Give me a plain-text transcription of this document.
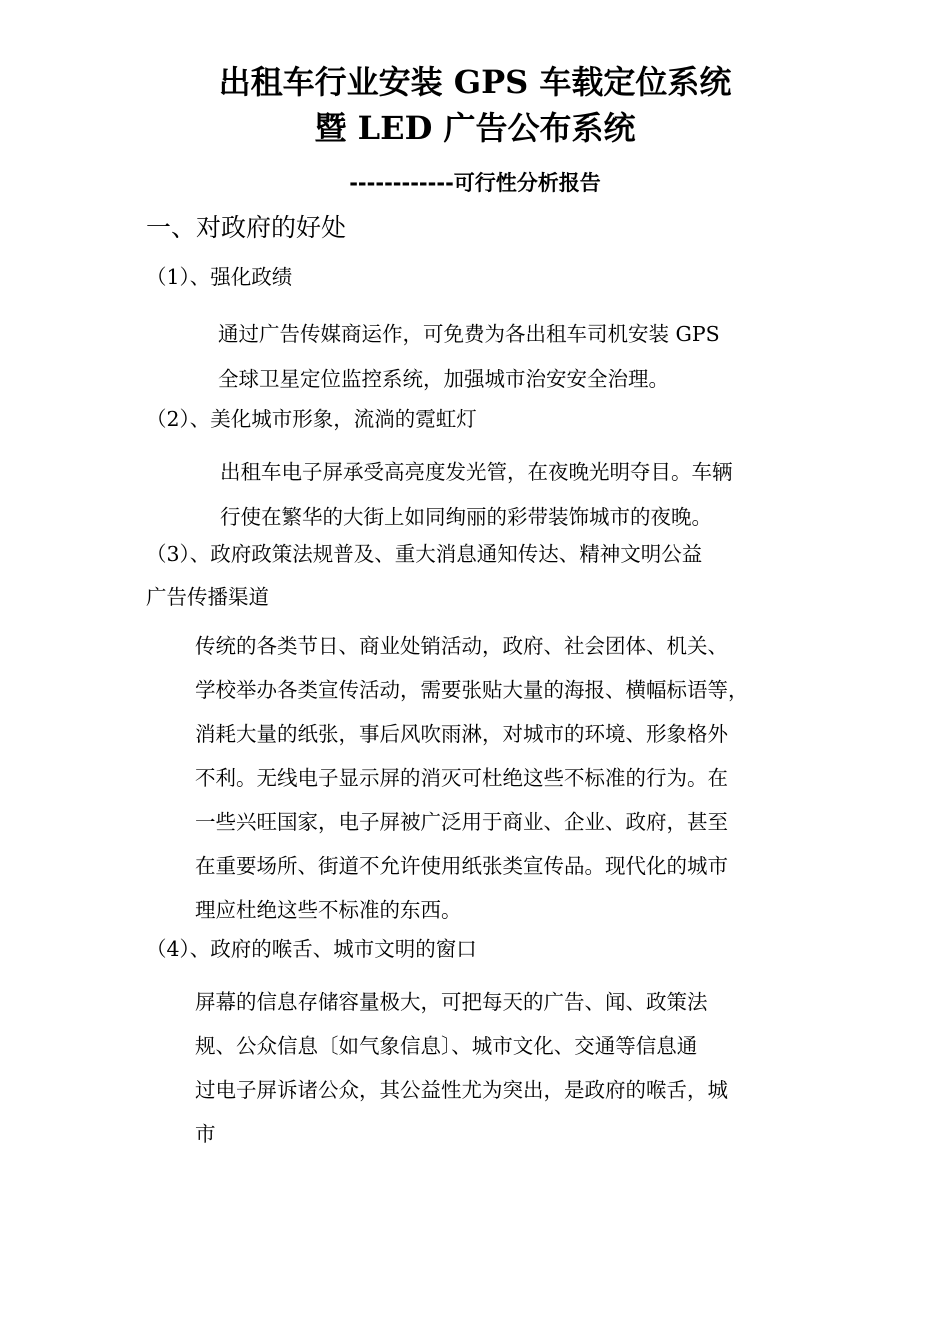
出租车行业安装 GPS 车载定位系统
暨 LED 广告公布系统
------------可行性分析报告
一、对政府的好处
（1）、强化政绩
通过广告传媒商运作，可免费为各出租车司机安装 GPS
全球卫星定位监控系统，加强城市治安安全治理。
（2）、美化城市形象，流淌的霓虹灯
出租车电子屏承受高亮度发光管，在夜晚光明夺目。车辆
行使在繁华的大街上如同绚丽的彩带装饰城市的夜晚。
（3）、政府政策法规普及、重大消息通知传达、精神文明公益
广告传播渠道
传统的各类节日、商业处销活动，政府、社会团体、机关、
学校举办各类宣传活动，需要张贴大量的海报、横幅标语等，
消耗大量的纸张，事后风吹雨淋，对城市的环境、形象格外
不利。无线电子显示屏的消灭可杜绝这些不标准的行为。在
一些兴旺国家，电子屏被广泛用于商业、企业、政府，甚至
在重要场所、街道不允许使用纸张类宣传品。现代化的城市
理应杜绝这些不标准的东西。
（4）、政府的喉舌、城市文明的窗口
屏幕的信息存储容量极大，可把每天的广告、闻、政策法
规、公众信息〔如气象信息〕、城市文化、交通等信息通
过电子屏诉诸公众，其公益性尤为突出，是政府的喉舌，城
市
